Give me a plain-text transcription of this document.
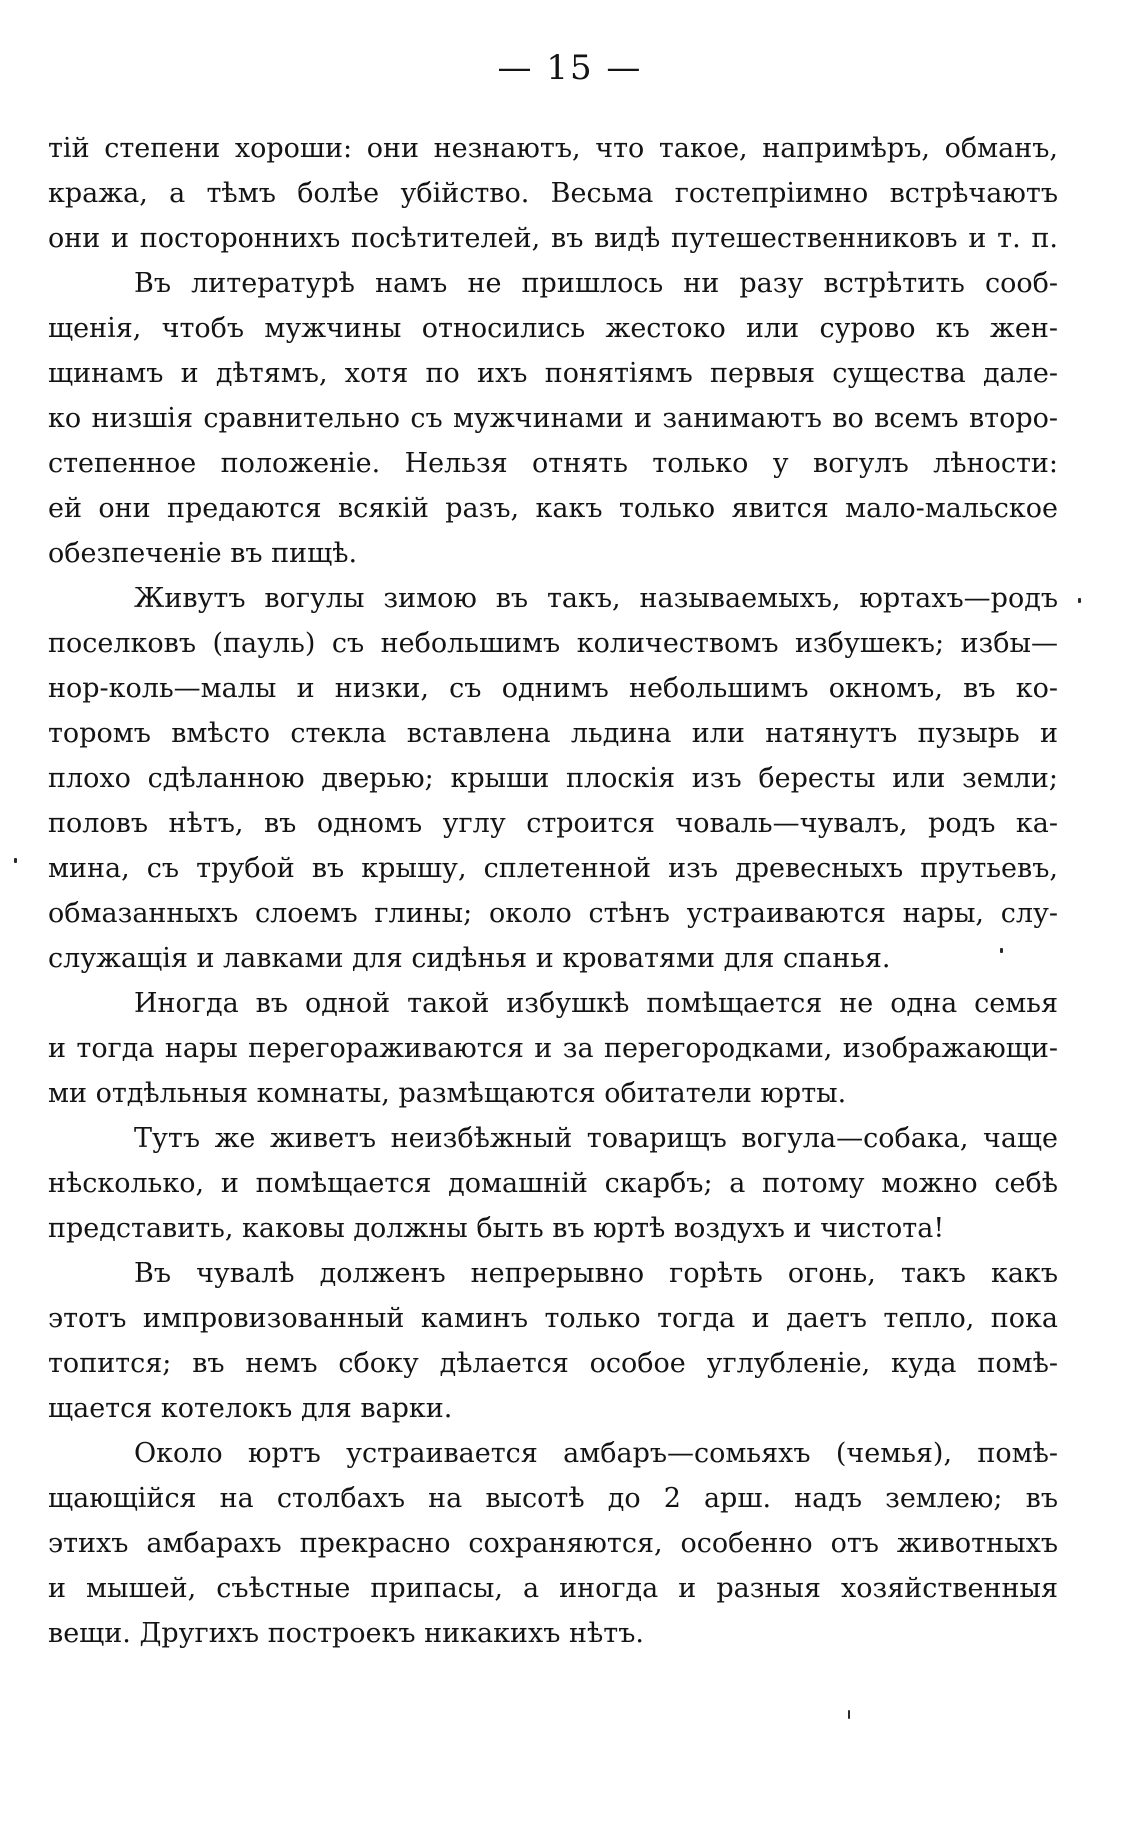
— 15 —
тій степени хороши: они незнаютъ, что такое, напримѣръ, обманъ,
кража, а тѣмъ болѣе убійство. Весьма гостепріимно встрѣчаютъ
они и постороннихъ посѣтителей, въ видѣ путешественниковъ и т. п.
Въ литературѣ намъ не пришлось ни разу встрѣтить сооб-
щенія, чтобъ мужчины относились жестоко или сурово къ жен-
щинамъ и дѣтямъ, хотя по ихъ понятіямъ первыя существа дале-
ко низшія сравнительно съ мужчинами и занимаютъ во всемъ второ-
степенное положеніе. Нельзя отнять только у вогулъ лѣности:
ей они предаются всякій разъ, какъ только явится мало-мальское
обезпеченіе въ пищѣ.
Живутъ вогулы зимою въ такъ, называемыхъ, юртахъ—родъ
поселковъ (пауль) съ небольшимъ количествомъ избушекъ; избы—
нор-коль—малы и низки, съ однимъ небольшимъ окномъ, въ ко-
торомъ вмѣсто стекла вставлена льдина или натянутъ пузырь и
плохо сдѣланною дверью; крыши плоскія изъ бересты или земли;
половъ нѣтъ, въ одномъ углу строится човаль—чувалъ, родъ ка-
мина, съ трубой въ крышу, сплетенной изъ древесныхъ прутьевъ,
обмазанныхъ слоемъ глины; около стѣнъ устраиваются нары, слу-
служащія и лавками для сидѣнья и кроватями для спанья.
Иногда въ одной такой избушкѣ помѣщается не одна семья
и тогда нары перегораживаются и за перегородками, изображающи-
ми отдѣльныя комнаты, размѣщаются обитатели юрты.
Тутъ же живетъ неизбѣжный товарищъ вогула—собака, чаще
нѣсколько, и помѣщается домашній скарбъ; а потому можно себѣ
представить, каковы должны быть въ юртѣ воздухъ и чистота!
Въ чувалѣ долженъ непрерывно горѣть огонь, такъ какъ
этотъ импровизованный каминъ только тогда и даетъ тепло, пока
топится; въ немъ сбоку дѣлается особое углубленіе, куда помѣ-
щается котелокъ для варки.
Около юртъ устраивается амбаръ—сомьяхъ (чемья), помѣ-
щающійся на столбахъ на высотѣ до 2 арш. надъ землею; въ
этихъ амбарахъ прекрасно сохраняются, особенно отъ животныхъ
и мышей, съѣстные припасы, а иногда и разныя хозяйственныя
вещи. Другихъ построекъ никакихъ нѣтъ.
